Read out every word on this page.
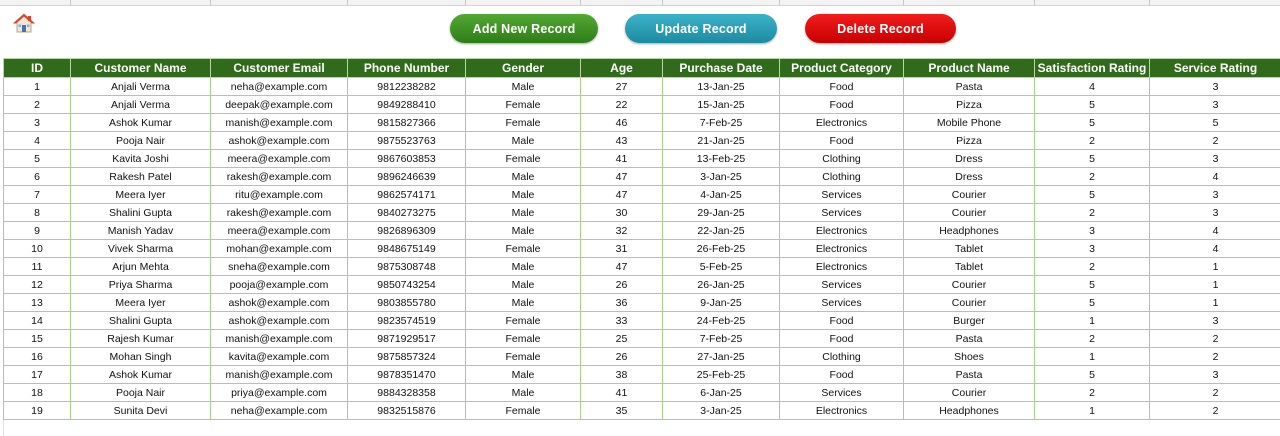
Add New Record	Update Record	Delete Record
ID	Customer Name	Customer Email	Phone Number	Gender	Age	Purchase Date	Product Category	Product Name	Satisfaction Rating	Service Rating
1	Anjali Verma	neha@example.com	9812238282	Male	27	13-Jan-25	Food	Pasta	4	3
2	Anjali Verma	deepak@example.com	9849288410	Female	22	15-Jan-25	Food	Pizza	5	3
3	Ashok Kumar	manish@example.com	9815827366	Female	46	7-Feb-25	Electronics	Mobile Phone	5	5
4	Pooja Nair	ashok@example.com	9875523763	Male	43	21-Jan-25	Food	Pizza	2	2
5	Kavita Joshi	meera@example.com	9867603853	Female	41	13-Feb-25	Clothing	Dress	5	3
6	Rakesh Patel	rakesh@example.com	9896246639	Male	47	3-Jan-25	Clothing	Dress	2	4
7	Meera Iyer	ritu@example.com	9862574171	Male	47	4-Jan-25	Services	Courier	5	3
8	Shalini Gupta	rakesh@example.com	9840273275	Male	30	29-Jan-25	Services	Courier	2	3
9	Manish Yadav	meera@example.com	9826896309	Male	32	22-Jan-25	Electronics	Headphones	3	4
10	Vivek Sharma	mohan@example.com	9848675149	Female	31	26-Feb-25	Electronics	Tablet	3	4
11	Arjun Mehta	sneha@example.com	9875308748	Male	47	5-Feb-25	Electronics	Tablet	2	1
12	Priya Sharma	pooja@example.com	9850743254	Male	26	26-Jan-25	Services	Courier	5	1
13	Meera Iyer	ashok@example.com	9803855780	Male	36	9-Jan-25	Services	Courier	5	1
14	Shalini Gupta	ashok@example.com	9823574519	Female	33	24-Feb-25	Food	Burger	1	3
15	Rajesh Kumar	manish@example.com	9871929517	Female	25	7-Feb-25	Food	Pasta	2	2
16	Mohan Singh	kavita@example.com	9875857324	Female	26	27-Jan-25	Clothing	Shoes	1	2
17	Ashok Kumar	manish@example.com	9878351470	Male	38	25-Feb-25	Food	Pasta	5	3
18	Pooja Nair	priya@example.com	9884328358	Male	41	6-Jan-25	Services	Courier	2	2
19	Sunita Devi	neha@example.com	9832515876	Female	35	3-Jan-25	Electronics	Headphones	1	2
